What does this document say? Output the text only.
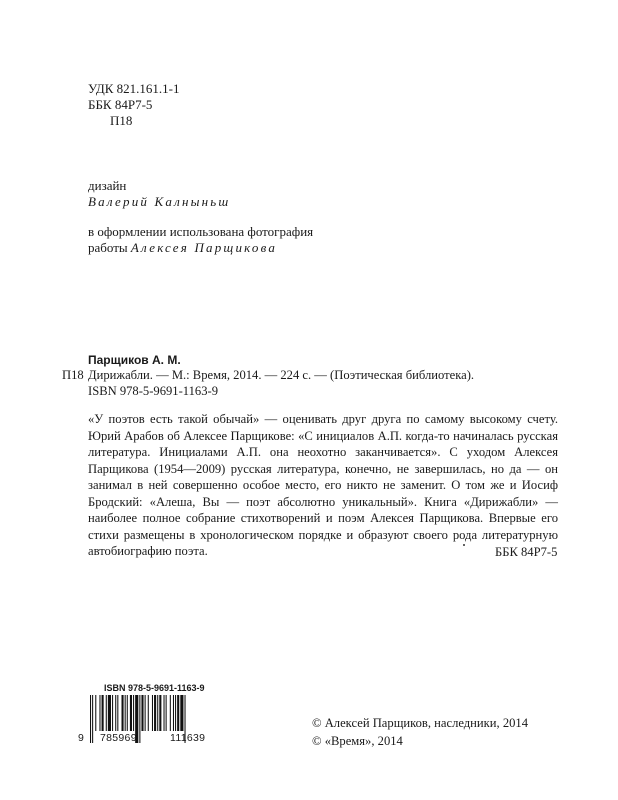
УДК 821.161.1-1
ББК 84Р7-5
П18
дизайн
Валерий Калныньш
в оформлении использована фотография
работы Алексея Парщикова
Парщиков А. М.
П18 Дирижабли. — М.: Время, 2014. — 224 с. — (Поэтическая библиотека).
ISBN 978-5-9691-1163-9
«У поэтов есть такой обычай» — оценивать друг друга по самому высокому счету. Юрий Арабов об Алексее Парщикове: «С инициалов А.П. когда-то начиналась русская литература. Инициалами А.П. она неохотно заканчивается». С уходом Алексея Парщикова (1954—2009) русская литература, конечно, не завершилась, но да — он занимал в ней совершенно особое место, его никто не заменит. О том же и Иосиф Бродский: «Алеша, Вы — поэт абсолютно уникальный». Книга «Дирижабли» — наиболее полное собрание стихотворений и поэм Алексея Парщикова. Впервые его стихи размещены в хронологическом порядке и образуют своего рода литературную автобиографию поэта.	ББК 84Р7-5
ISBN 978-5-9691-1163-9
9 785969	111639
© Алексей Парщиков, наследники, 2014
© «Время», 2014
